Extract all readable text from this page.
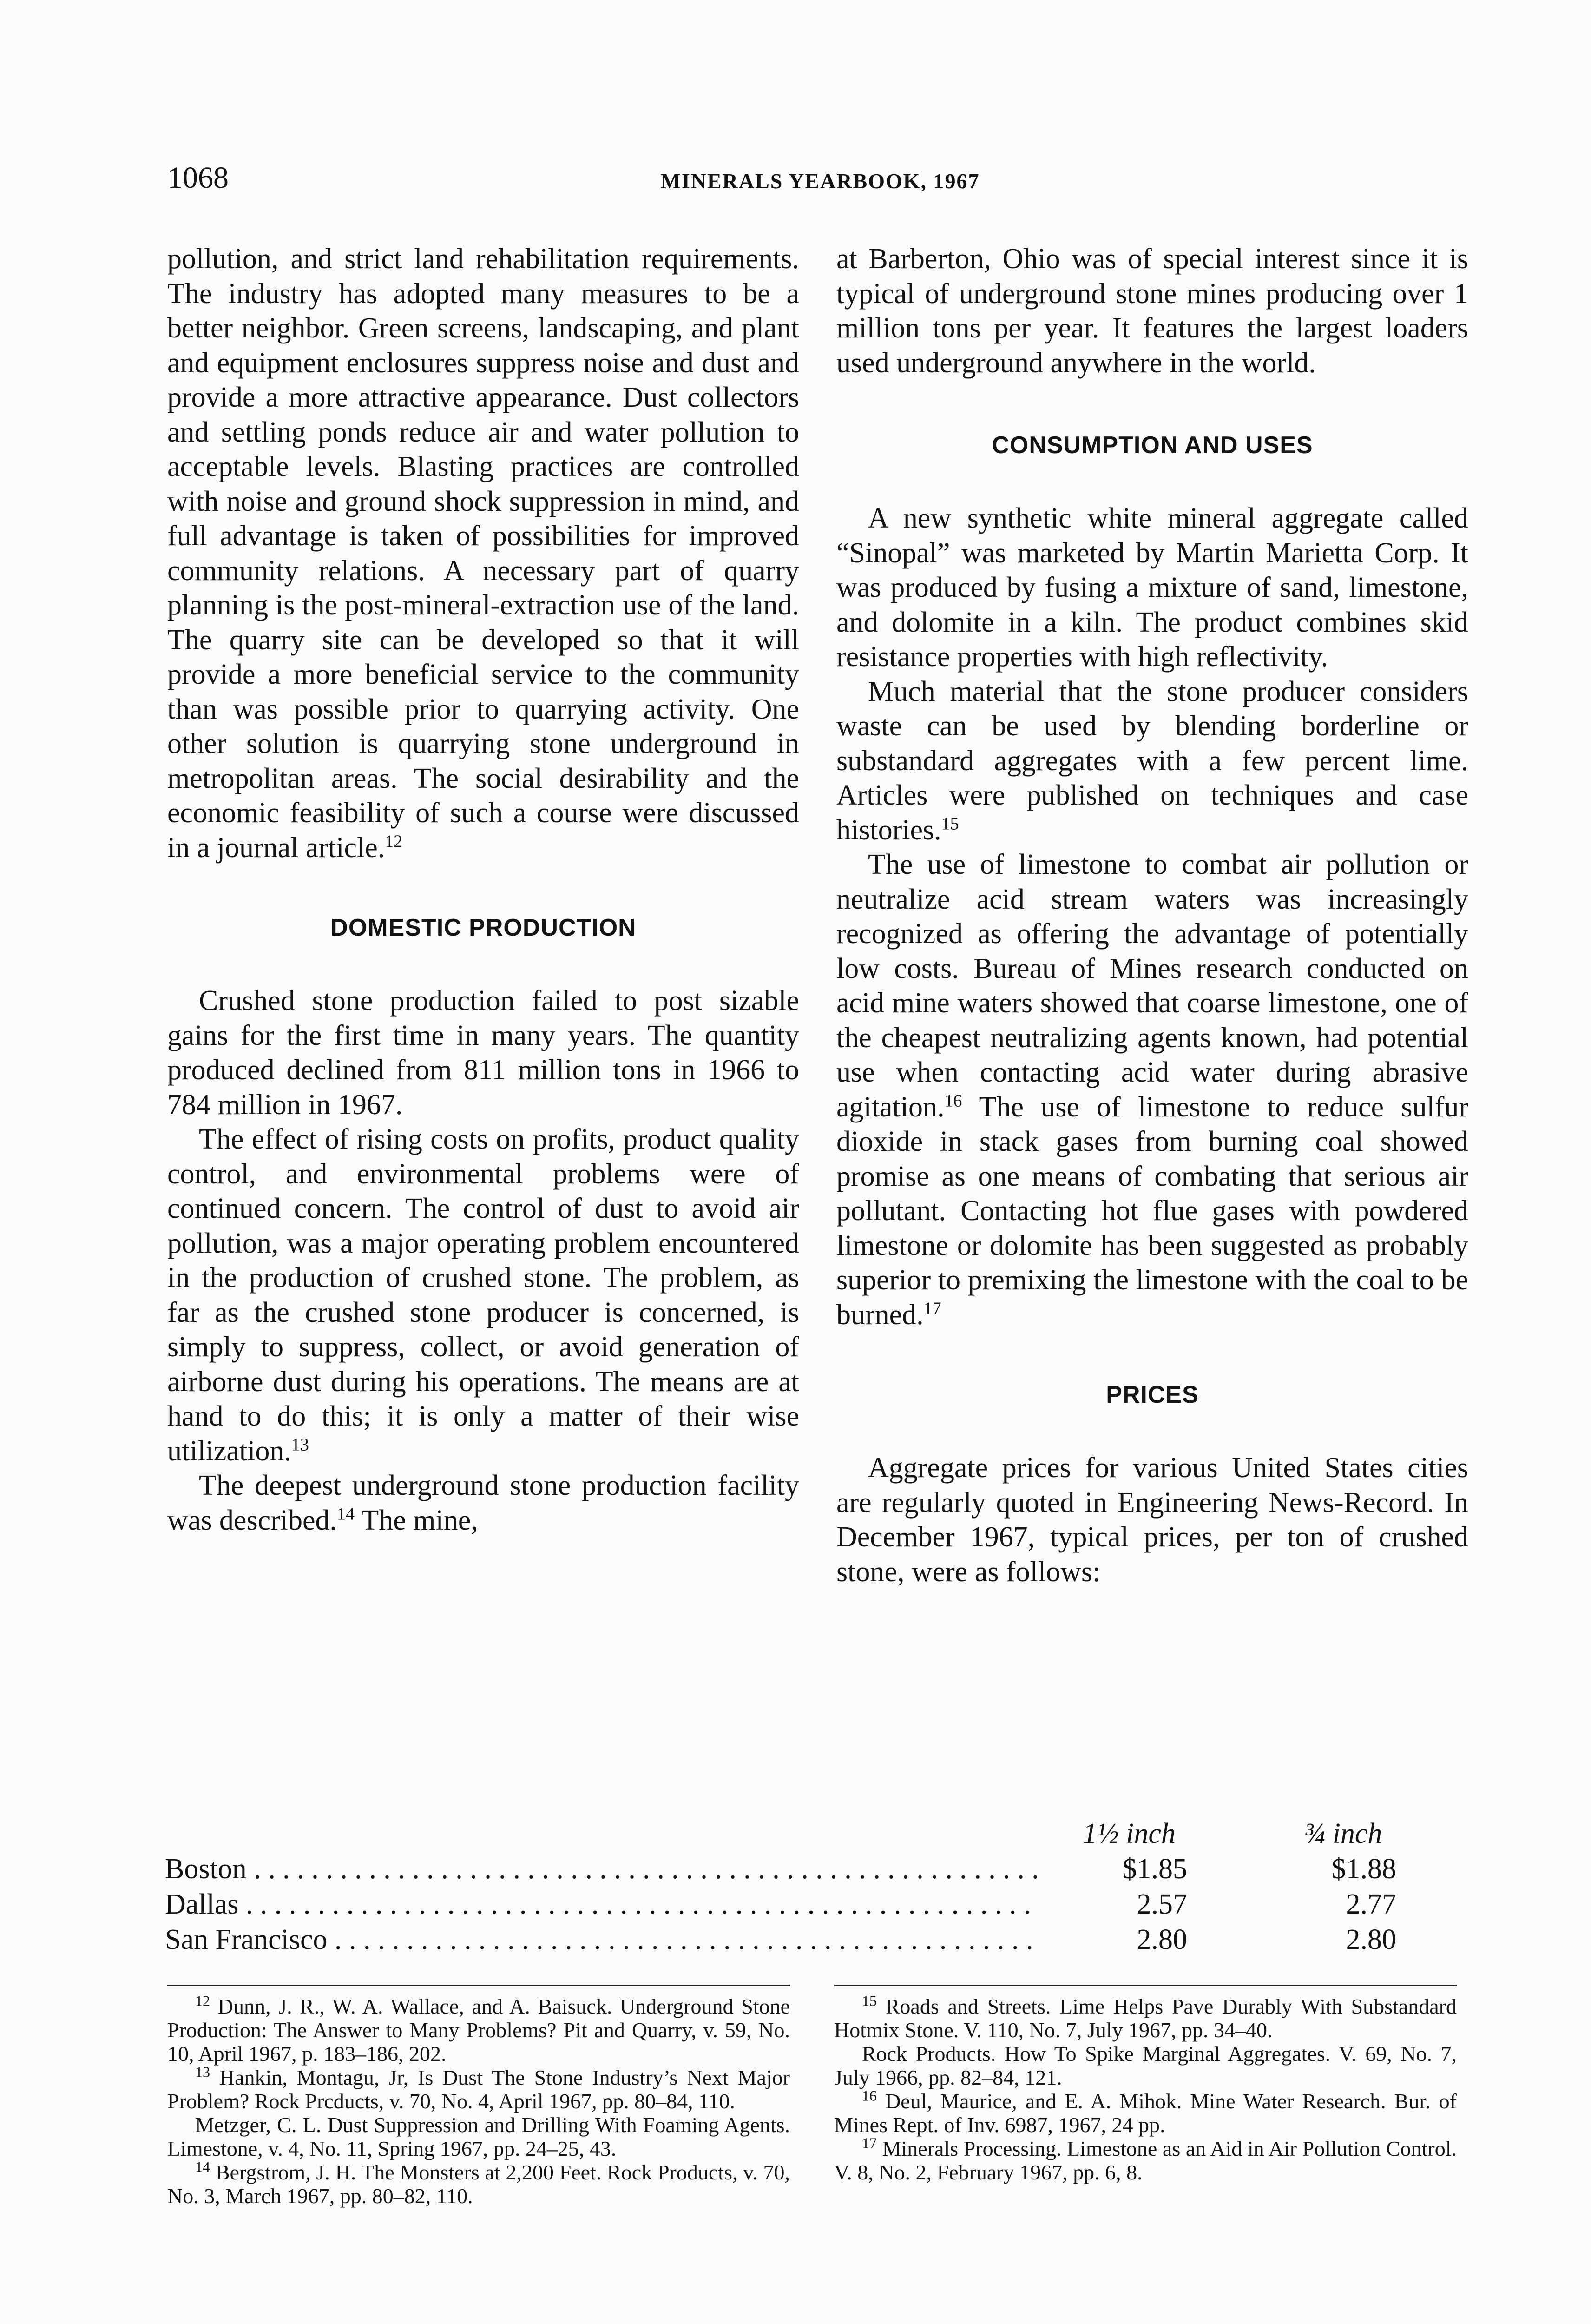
1068	MINERALS YEARBOOK, 1967

pollution, and strict land rehabilitation requirements. The industry has adopted many measures to be a better neighbor. Green screens, landscaping, and plant and equipment enclosures suppress noise and dust and provide a more attractive appearance. Dust collectors and settling ponds reduce air and water pollution to acceptable levels. Blasting practices are controlled with noise and ground shock suppression in mind, and full advantage is taken of possibilities for improved community relations. A necessary part of quarry planning is the post-mineral-extraction use of the land. The quarry site can be developed so that it will provide a more beneficial service to the community than was possible prior to quarrying activity. One other solution is quarrying stone underground in metropolitan areas. The social desirability and the economic feasibility of such a course were discussed in a journal article.$^{12}$

DOMESTIC PRODUCTION

Crushed stone production failed to post sizable gains for the first time in many years. The quantity produced declined from 811 million tons in 1966 to 784 million in 1967.

The effect of rising costs on profits, product quality control, and environmental problems were of continued concern. The control of dust to avoid air pollution, was a major operating problem encountered in the production of crushed stone. The problem, as far as the crushed stone producer is concerned, is simply to suppress, collect, or avoid generation of airborne dust during his operations. The means are at hand to do this; it is only a matter of their wise utilization.$^{13}$

The deepest underground stone production facility was described.$^{14}$ The mine,

at Barberton, Ohio was of special interest since it is typical of underground stone mines producing over 1 million tons per year. It features the largest loaders used underground anywhere in the world.

CONSUMPTION AND USES

A new synthetic white mineral aggregate called “Sinopal” was marketed by Martin Marietta Corp. It was produced by fusing a mixture of sand, limestone, and dolomite in a kiln. The product combines skid resistance properties with high reflectivity.

Much material that the stone producer considers waste can be used by blending borderline or substandard aggregates with a few percent lime. Articles were published on techniques and case histories.$^{15}$

The use of limestone to combat air pollution or neutralize acid stream waters was increasingly recognized as offering the advantage of potentially low costs. Bureau of Mines research conducted on acid mine waters showed that coarse limestone, one of the cheapest neutralizing agents known, had potential use when contacting acid water during abrasive agitation.$^{16}$ The use of limestone to reduce sulfur dioxide in stack gases from burning coal showed promise as one means of combating that serious air pollutant. Contacting hot flue gases with powdered limestone or dolomite has been suggested as probably superior to premixing the limestone with the coal to be burned.$^{17}$

PRICES

Aggregate prices for various United States cities are regularly quoted in Engineering News-Record. In December 1967, typical prices, per ton of crushed stone, were as follows:

1½ inch	¾ inch
Boston . . .	$1.85	$1.88
Dallas . . .	2.57	2.77
San Francisco . . .	2.80	2.80

$^{12}$ Dunn, J. R., W. A. Wallace, and A. Baisuck. Underground Stone Production: The Answer to Many Problems? Pit and Quarry, v. 59, No. 10, April 1967, p. 183–186, 202.

$^{13}$ Hankin, Montagu, Jr, Is Dust The Stone Industry’s Next Major Problem? Rock Prcducts, v. 70, No. 4, April 1967, pp. 80–84, 110.

Metzger, C. L. Dust Suppression and Drilling With Foaming Agents. Limestone, v. 4, No. 11, Spring 1967, pp. 24–25, 43.

$^{14}$ Bergstrom, J. H. The Monsters at 2,200 Feet. Rock Products, v. 70, No. 3, March 1967, pp. 80–82, 110.

$^{15}$ Roads and Streets. Lime Helps Pave Durably With Substandard Hotmix Stone. V. 110, No. 7, July 1967, pp. 34–40.

Rock Products. How To Spike Marginal Aggregates. V. 69, No. 7, July 1966, pp. 82–84, 121.

$^{16}$ Deul, Maurice, and E. A. Mihok. Mine Water Research. Bur. of Mines Rept. of Inv. 6987, 1967, 24 pp.

$^{17}$ Minerals Processing. Limestone as an Aid in Air Pollution Control. V. 8, No. 2, February 1967, pp. 6, 8.
